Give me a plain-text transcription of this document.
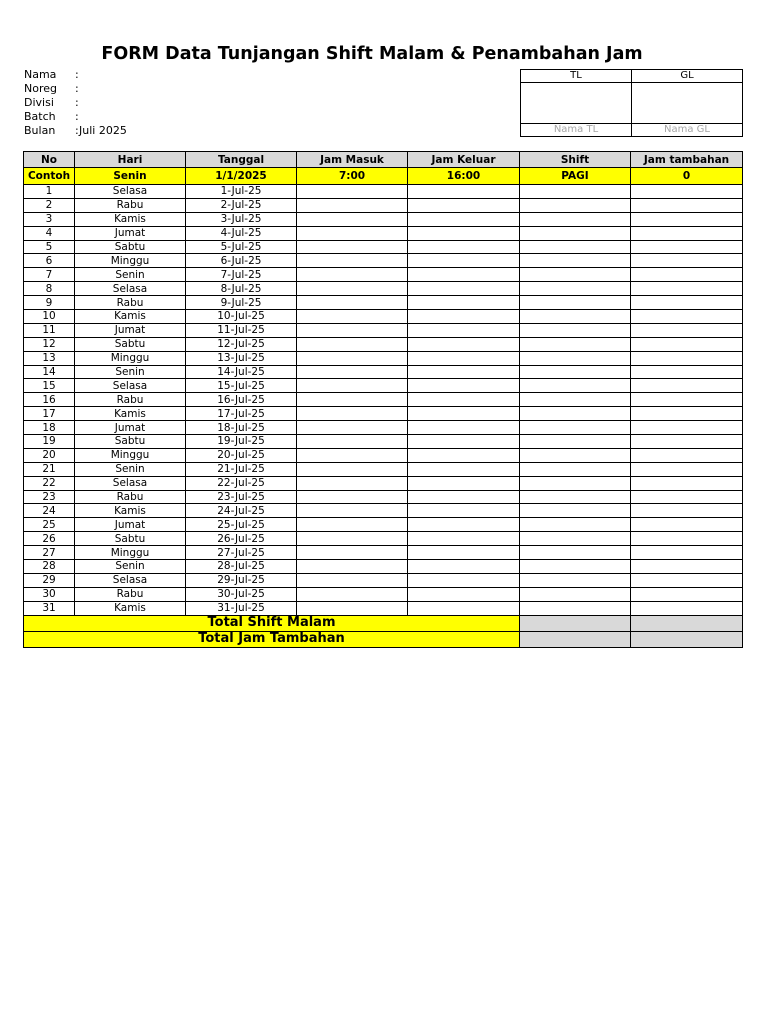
FORM Data Tunjangan Shift Malam & Penambahan Jam
Nama	:
Noreg	:
Divisi	:
Batch	:
Bulan	: Juli 2025
TL	GL

Nama TL	Nama GL
No	Hari	Tanggal	Jam Masuk	Jam Keluar	Shift	Jam tambahan
Contoh	Senin	1/1/2025	7:00	16:00	PAGI	0
1	Selasa	1-Jul-25				
2	Rabu	2-Jul-25				
3	Kamis	3-Jul-25				
4	Jumat	4-Jul-25				
5	Sabtu	5-Jul-25				
6	Minggu	6-Jul-25				
7	Senin	7-Jul-25				
8	Selasa	8-Jul-25				
9	Rabu	9-Jul-25				
10	Kamis	10-Jul-25				
11	Jumat	11-Jul-25				
12	Sabtu	12-Jul-25				
13	Minggu	13-Jul-25				
14	Senin	14-Jul-25				
15	Selasa	15-Jul-25				
16	Rabu	16-Jul-25				
17	Kamis	17-Jul-25				
18	Jumat	18-Jul-25				
19	Sabtu	19-Jul-25				
20	Minggu	20-Jul-25				
21	Senin	21-Jul-25				
22	Selasa	22-Jul-25				
23	Rabu	23-Jul-25				
24	Kamis	24-Jul-25				
25	Jumat	25-Jul-25				
26	Sabtu	26-Jul-25				
27	Minggu	27-Jul-25				
28	Senin	28-Jul-25				
29	Selasa	29-Jul-25				
30	Rabu	30-Jul-25				
31	Kamis	31-Jul-25				
Total Shift Malam						
Total Jam Tambahan						
